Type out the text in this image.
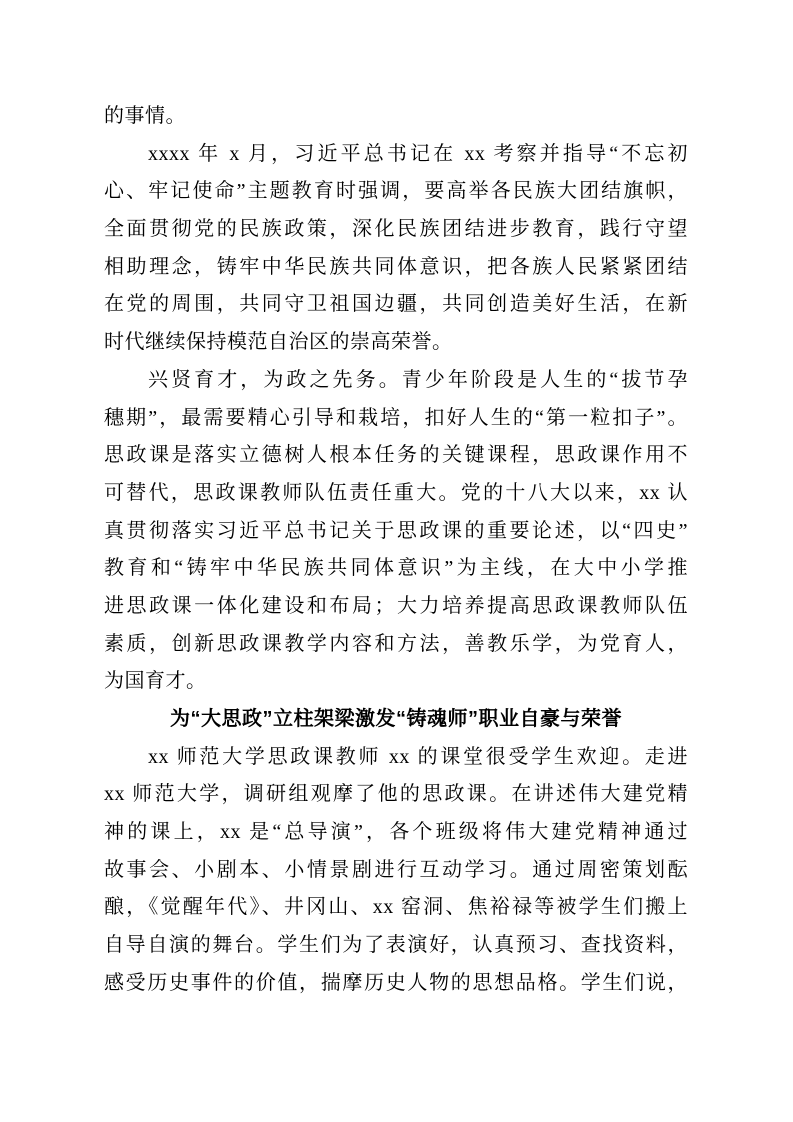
的事情。
xxxx 年 x 月，习近平总书记在 xx 考察并指导“不忘初
心、牢记使命”主题教育时强调，要高举各民族大团结旗帜，
全面贯彻党的民族政策，深化民族团结进步教育，践行守望
相助理念，铸牢中华民族共同体意识，把各族人民紧紧团结
在党的周围，共同守卫祖国边疆，共同创造美好生活，在新
时代继续保持模范自治区的崇高荣誉。
兴贤育才，为政之先务。青少年阶段是人生的“拔节孕
穗期”，最需要精心引导和栽培，扣好人生的“第一粒扣子”。
思政课是落实立德树人根本任务的关键课程，思政课作用不
可替代，思政课教师队伍责任重大。党的十八大以来，xx 认
真贯彻落实习近平总书记关于思政课的重要论述，以“四史”
教育和“铸牢中华民族共同体意识”为主线，在大中小学推
进思政课一体化建设和布局；大力培养提高思政课教师队伍
素质，创新思政课教学内容和方法，善教乐学，为党育人，
为国育才。
为“大思政”立柱架梁激发“铸魂师”职业自豪与荣誉
xx 师范大学思政课教师 xx 的课堂很受学生欢迎。走进
xx 师范大学，调研组观摩了他的思政课。在讲述伟大建党精
神的课上，xx 是“总导演”，各个班级将伟大建党精神通过
故事会、小剧本、小情景剧进行互动学习。通过周密策划酝
酿，《觉醒年代》、井冈山、xx 窑洞、焦裕禄等被学生们搬上
自导自演的舞台。学生们为了表演好，认真预习、查找资料，
感受历史事件的价值，揣摩历史人物的思想品格。学生们说，
